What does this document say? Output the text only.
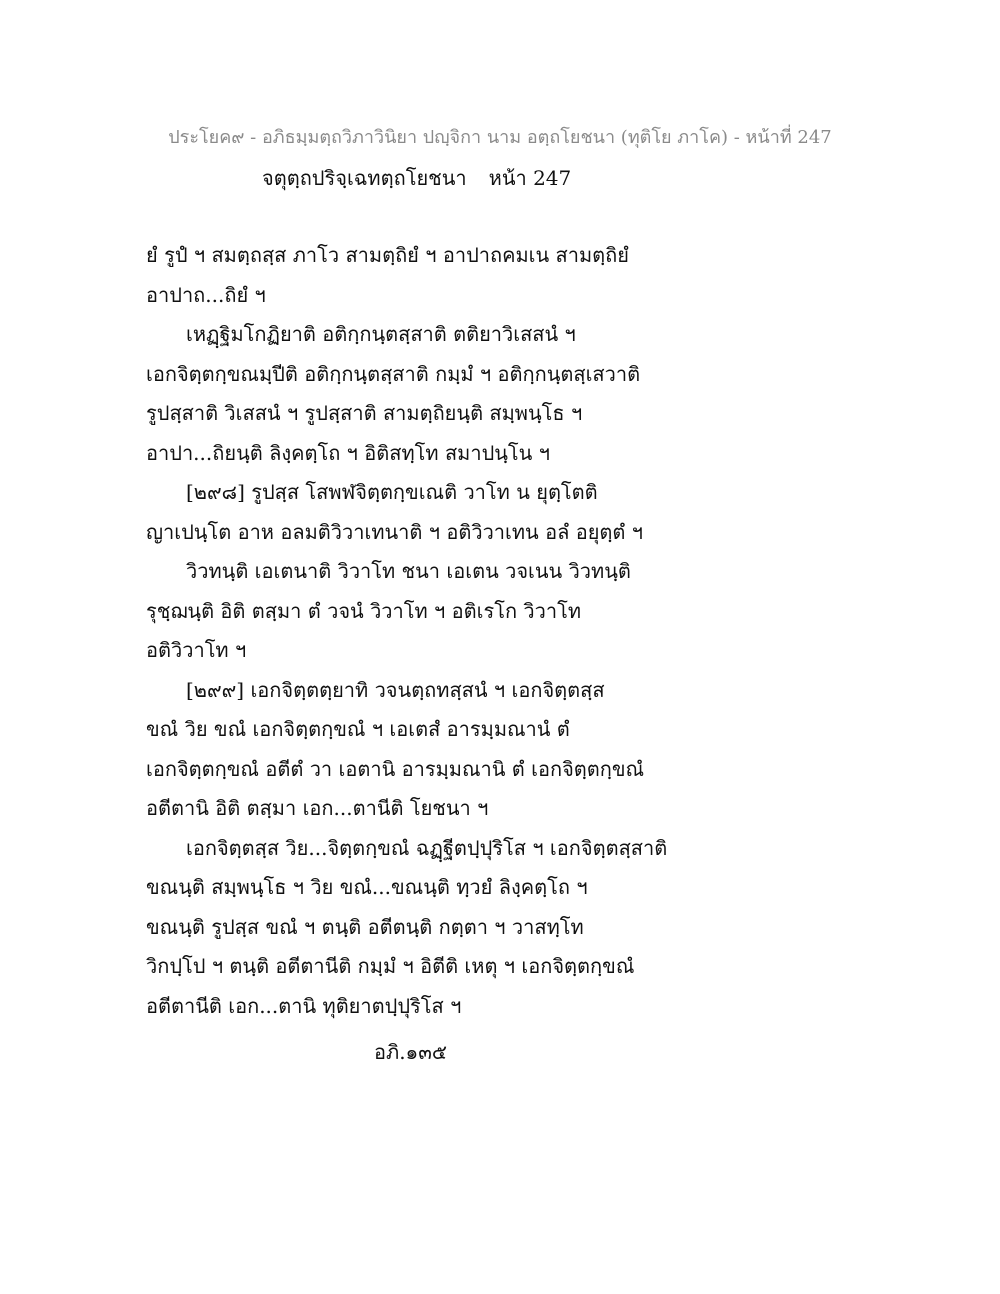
ประโยค๙ - อภิธมฺมตฺถวิภาวินิยา ปญฺจิกา นาม อตฺถโยชนา (ทุติโย ภาโค) - หน้าที่ 247
จตุตฺถปริจฺเฉทตฺถโยชนา หน้า 247
ยํ รูปํ ฯ สมตฺถสฺส ภาโว สามตฺถิยํ ฯ อาปาถคมเน สามตฺถิยํ
อาปาถ...ถิยํ ฯ
เหฏฺฐิมโกฏิยาติ อติกฺกนฺตสฺสาติ ตติยาวิเสสนํ ฯ
เอกจิตฺตกฺขณมฺปีติ อติกฺกนฺตสฺสาติ กมฺมํ ฯ อติกฺกนฺตสฺเสวาติ
รูปสฺสาติ วิเสสนํ ฯ รูปสฺสาติ สามตฺถิยนฺติ สมฺพนฺโธ ฯ
อาปา...ถิยนฺติ ลิงฺคตฺโถ ฯ อิติสทฺโท สมาปนฺโน ฯ
[๒๙๘] รูปสฺส โสพฬจิตฺตกฺขเณติ วาโท น ยุตฺโตติ
ญาเปนฺโต อาห อลมติวิวาเทนาติ ฯ อติวิวาเทน อลํ อยุตฺตํ ฯ
วิวทนฺติ เอเตนาติ วิวาโท ชนา เอเตน วจเนน วิวทนฺติ
รุชฺฌนฺติ อิติ ตสฺมา ตํ วจนํ วิวาโท ฯ อติเรโก วิวาโท
อติวิวาโท ฯ
[๒๙๙] เอกจิตฺตตฺยาทิ วจนตฺถทสฺสนํ ฯ เอกจิตฺตสฺส
ขณํ วิย ขณํ เอกจิตฺตกฺขณํ ฯ เอเตสํ อารมฺมณานํ ตํ
เอกจิตฺตกฺขณํ อตีตํ วา เอตานิ อารมฺมณานิ ตํ เอกจิตฺตกฺขณํ
อตีตานิ อิติ ตสฺมา เอก...ตานีติ โยชนา ฯ
เอกจิตฺตสฺส วิย...จิตฺตกฺขณํ ฉฏฺฐีตปฺปุริโส ฯ เอกจิตฺตสฺสาติ
ขณนฺติ สมฺพนฺโธ ฯ วิย ขณํ...ขณนฺติ ทฺวยํ ลิงฺคตฺโถ ฯ
ขณนฺติ รูปสฺส ขณํ ฯ ตนฺติ อตีตนฺติ กตฺตา ฯ วาสทฺโท
วิกปฺโป ฯ ตนฺติ อตีตานีติ กมฺมํ ฯ อิตีติ เหตุ ฯ เอกจิตฺตกฺขณํ
อตีตานีติ เอก...ตานิ ทุติยาตปฺปุริโส ฯ
อภิ.๑๓๕
